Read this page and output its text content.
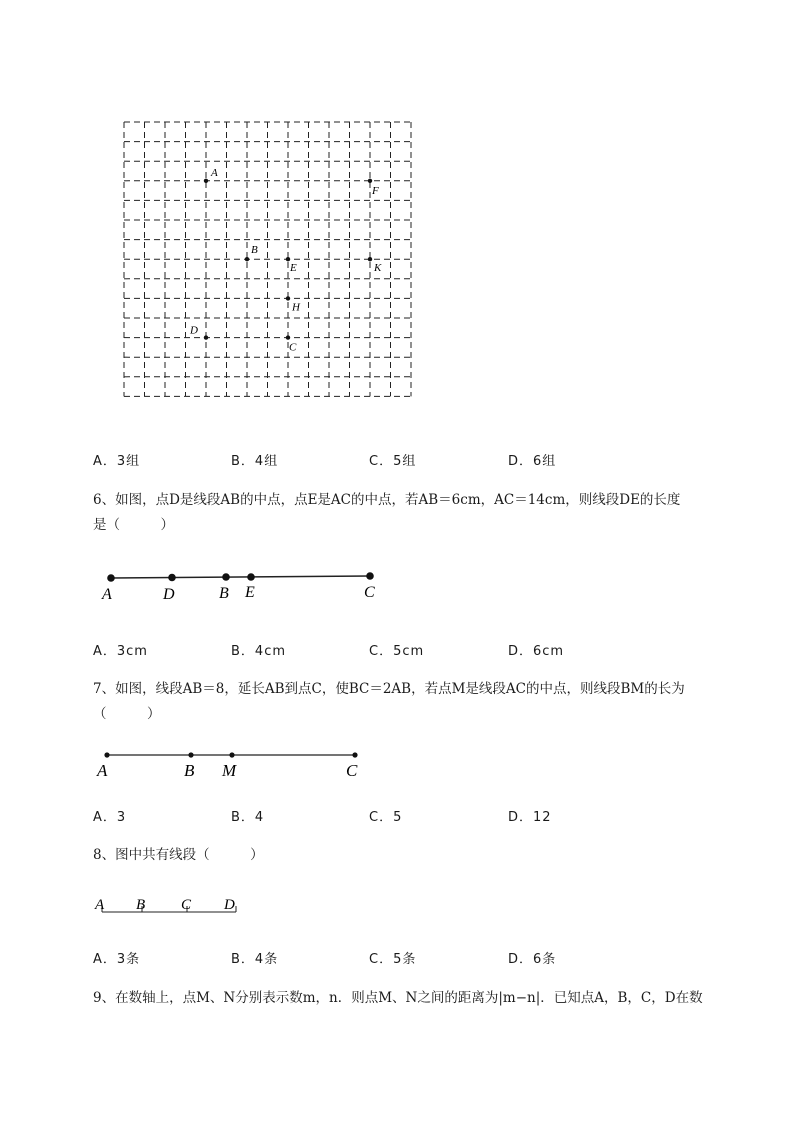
A
F
B
E	K
H
D
C
A．3组	B．4组	C．5组	D．6组
6、如图，点D是线段AB的中点，点E是AC的中点，若AB＝6cm，AC＝14cm，则线段DE的长度
是（　　　）
A	D	B E	C
A．3cm	B．4cm	C．5cm	D．6cm
7、如图，线段AB＝8，延长AB到点C，使BC＝2AB，若点M是线段AC的中点，则线段BM的长为
（　　　）
A	B M	C
A．3	B．4	C．5	D．12
8、图中共有线段（　　　）
A B C D
A．3条	B．4条	C．5条	D．6条
9、在数轴上，点M、N分别表示数m，n．则点M、N之间的距离为|m−n|．已知点A，B，C，D在数
